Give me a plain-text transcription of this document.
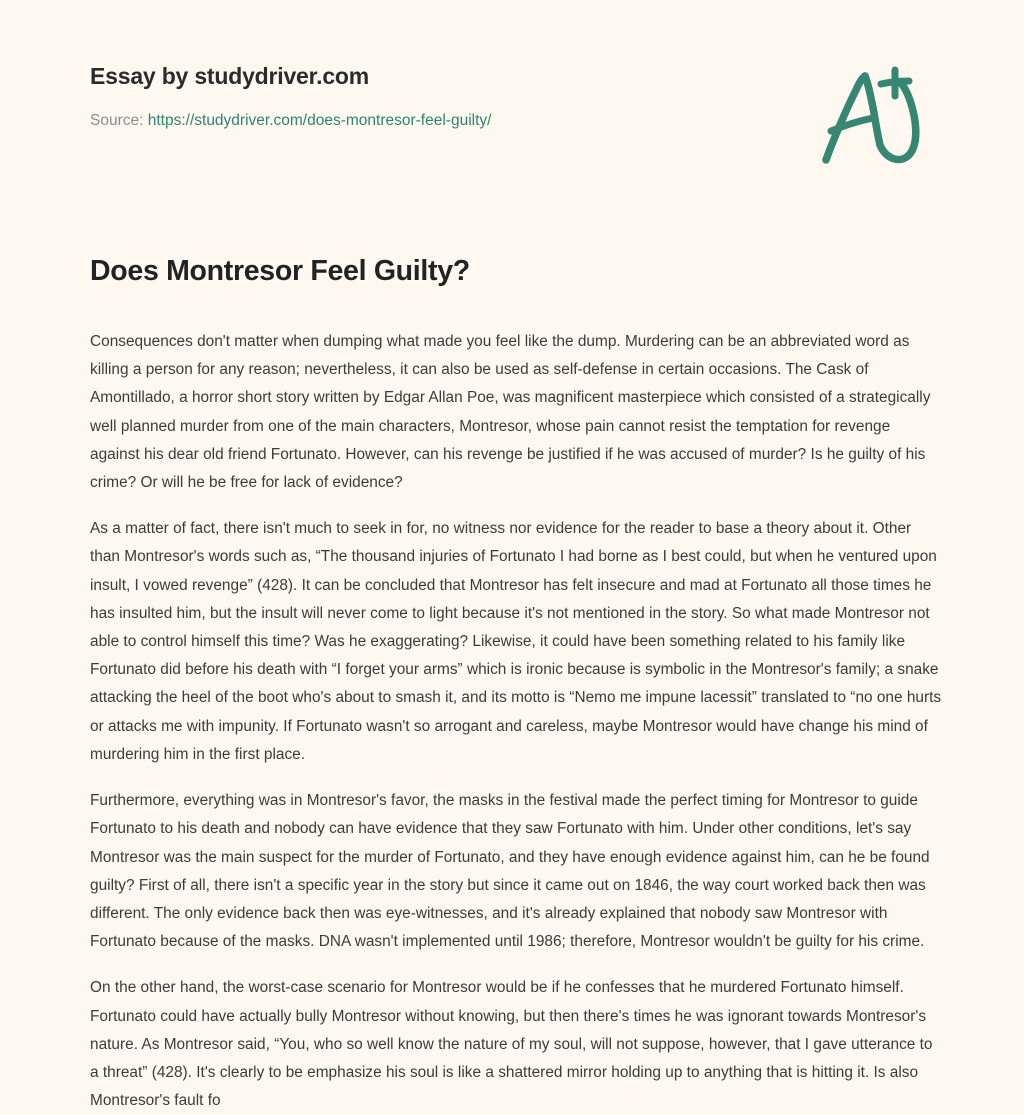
Essay by studydriver.com
Source: https://studydriver.com/does-montresor-feel-guilty/
Does Montresor Feel Guilty?

Consequences don't matter when dumping what made you feel like the dump. Murdering can be an abbreviated word as killing a person for any reason; nevertheless, it can also be used as self-defense in certain occasions. The Cask of Amontillado, a horror short story written by Edgar Allan Poe, was magnificent masterpiece which consisted of a strategically well planned murder from one of the main characters, Montresor, whose pain cannot resist the temptation for revenge against his dear old friend Fortunato. However, can his revenge be justified if he was accused of murder? Is he guilty of his crime? Or will he be free for lack of evidence?

As a matter of fact, there isn't much to seek in for, no witness nor evidence for the reader to base a theory about it. Other than Montresor's words such as, “The thousand injuries of Fortunato I had borne as I best could, but when he ventured upon insult, I vowed revenge” (428). It can be concluded that Montresor has felt insecure and mad at Fortunato all those times he has insulted him, but the insult will never come to light because it's not mentioned in the story. So what made Montresor not able to control himself this time? Was he exaggerating? Likewise, it could have been something related to his family like Fortunato did before his death with “I forget your arms” which is ironic because is symbolic in the Montresor's family; a snake attacking the heel of the boot who's about to smash it, and its motto is “Nemo me impune lacessit” translated to “no one hurts or attacks me with impunity. If Fortunato wasn't so arrogant and careless, maybe Montresor would have change his mind of murdering him in the first place.

Furthermore, everything was in Montresor's favor, the masks in the festival made the perfect timing for Montresor to guide Fortunato to his death and nobody can have evidence that they saw Fortunato with him. Under other conditions, let's say Montresor was the main suspect for the murder of Fortunato, and they have enough evidence against him, can he be found guilty? First of all, there isn't a specific year in the story but since it came out on 1846, the way court worked back then was different. The only evidence back then was eye-witnesses, and it's already explained that nobody saw Montresor with Fortunato because of the masks. DNA wasn't implemented until 1986; therefore, Montresor wouldn't be guilty for his crime.

On the other hand, the worst-case scenario for Montresor would be if he confesses that he murdered Fortunato himself. Fortunato could have actually bully Montresor without knowing, but then there's times he was ignorant towards Montresor's nature. As Montresor said, “You, who so well know the nature of my soul, will not suppose, however, that I gave utterance to a threat” (428). It's clearly to be emphasize his soul is like a shattered mirror holding up to anything that is hitting it. Is also Montresor's fault fo
